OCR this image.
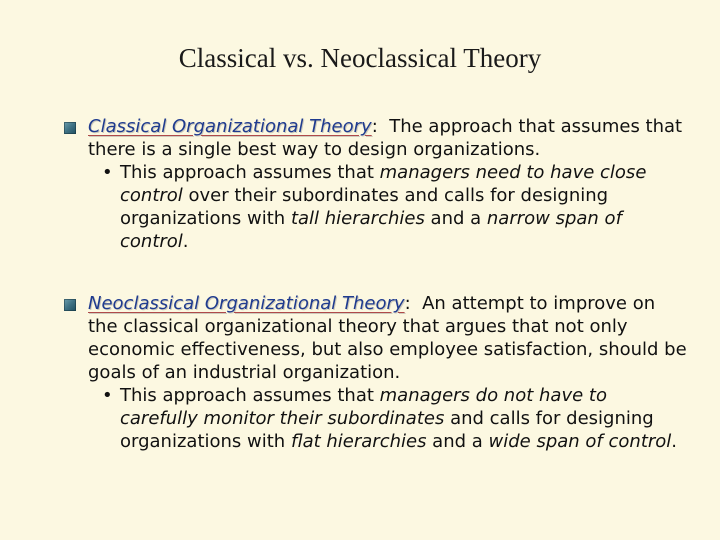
Classical vs. Neoclassical Theory
Classical Organizational Theory:  The approach that assumes that there is a single best way to design organizations.
• This approach assumes that managers need to have close control over their subordinates and calls for designing organizations with tall hierarchies and a narrow span of control.
Neoclassical Organizational Theory:  An attempt to improve on the classical organizational theory that argues that not only economic effectiveness, but also employee satisfaction, should be goals of an industrial organization.
• This approach assumes that managers do not have to carefully monitor their subordinates and calls for designing organizations with flat hierarchies and a wide span of control.
